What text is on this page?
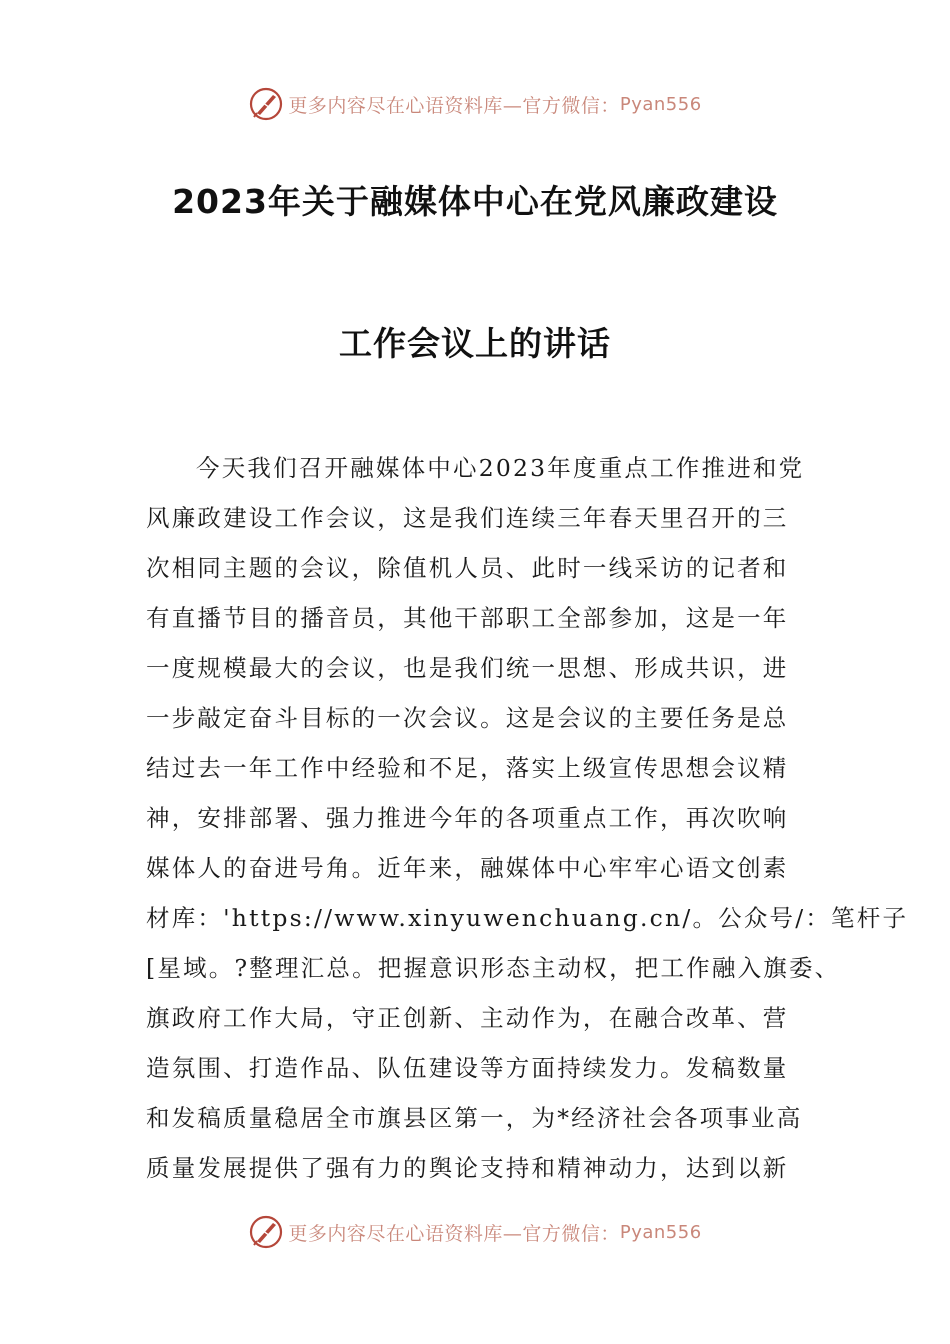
更多内容尽在心语资料库—官方微信： Pyan556
2023年关于融媒体中心在党风廉政建设
工作会议上的讲话
今天我们召开融媒体中心2023年度重点工作推进和党
风廉政建设工作会议，这是我们连续三年春天里召开的三
次相同主题的会议，除值机人员、此时一线采访的记者和
有直播节目的播音员，其他干部职工全部参加，这是一年
一度规模最大的会议，也是我们统一思想、形成共识，进
一步敲定奋斗目标的一次会议。这是会议的主要任务是总
结过去一年工作中经验和不足，落实上级宣传思想会议精
神，安排部署、强力推进今年的各项重点工作，再次吹响
媒体人的奋进号角。近年来，融媒体中心牢牢心语文创素
材库：'https://www.xinyuwenchuang.cn/。公众号/：笔杆子
[星域。?整理汇总。把握意识形态主动权，把工作融入旗委、
旗政府工作大局，守正创新、主动作为，在融合改革、营
造氛围、打造作品、队伍建设等方面持续发力。发稿数量
和发稿质量稳居全市旗县区第一，为*经济社会各项事业高
质量发展提供了强有力的舆论支持和精神动力，达到以新
更多内容尽在心语资料库—官方微信： Pyan556
